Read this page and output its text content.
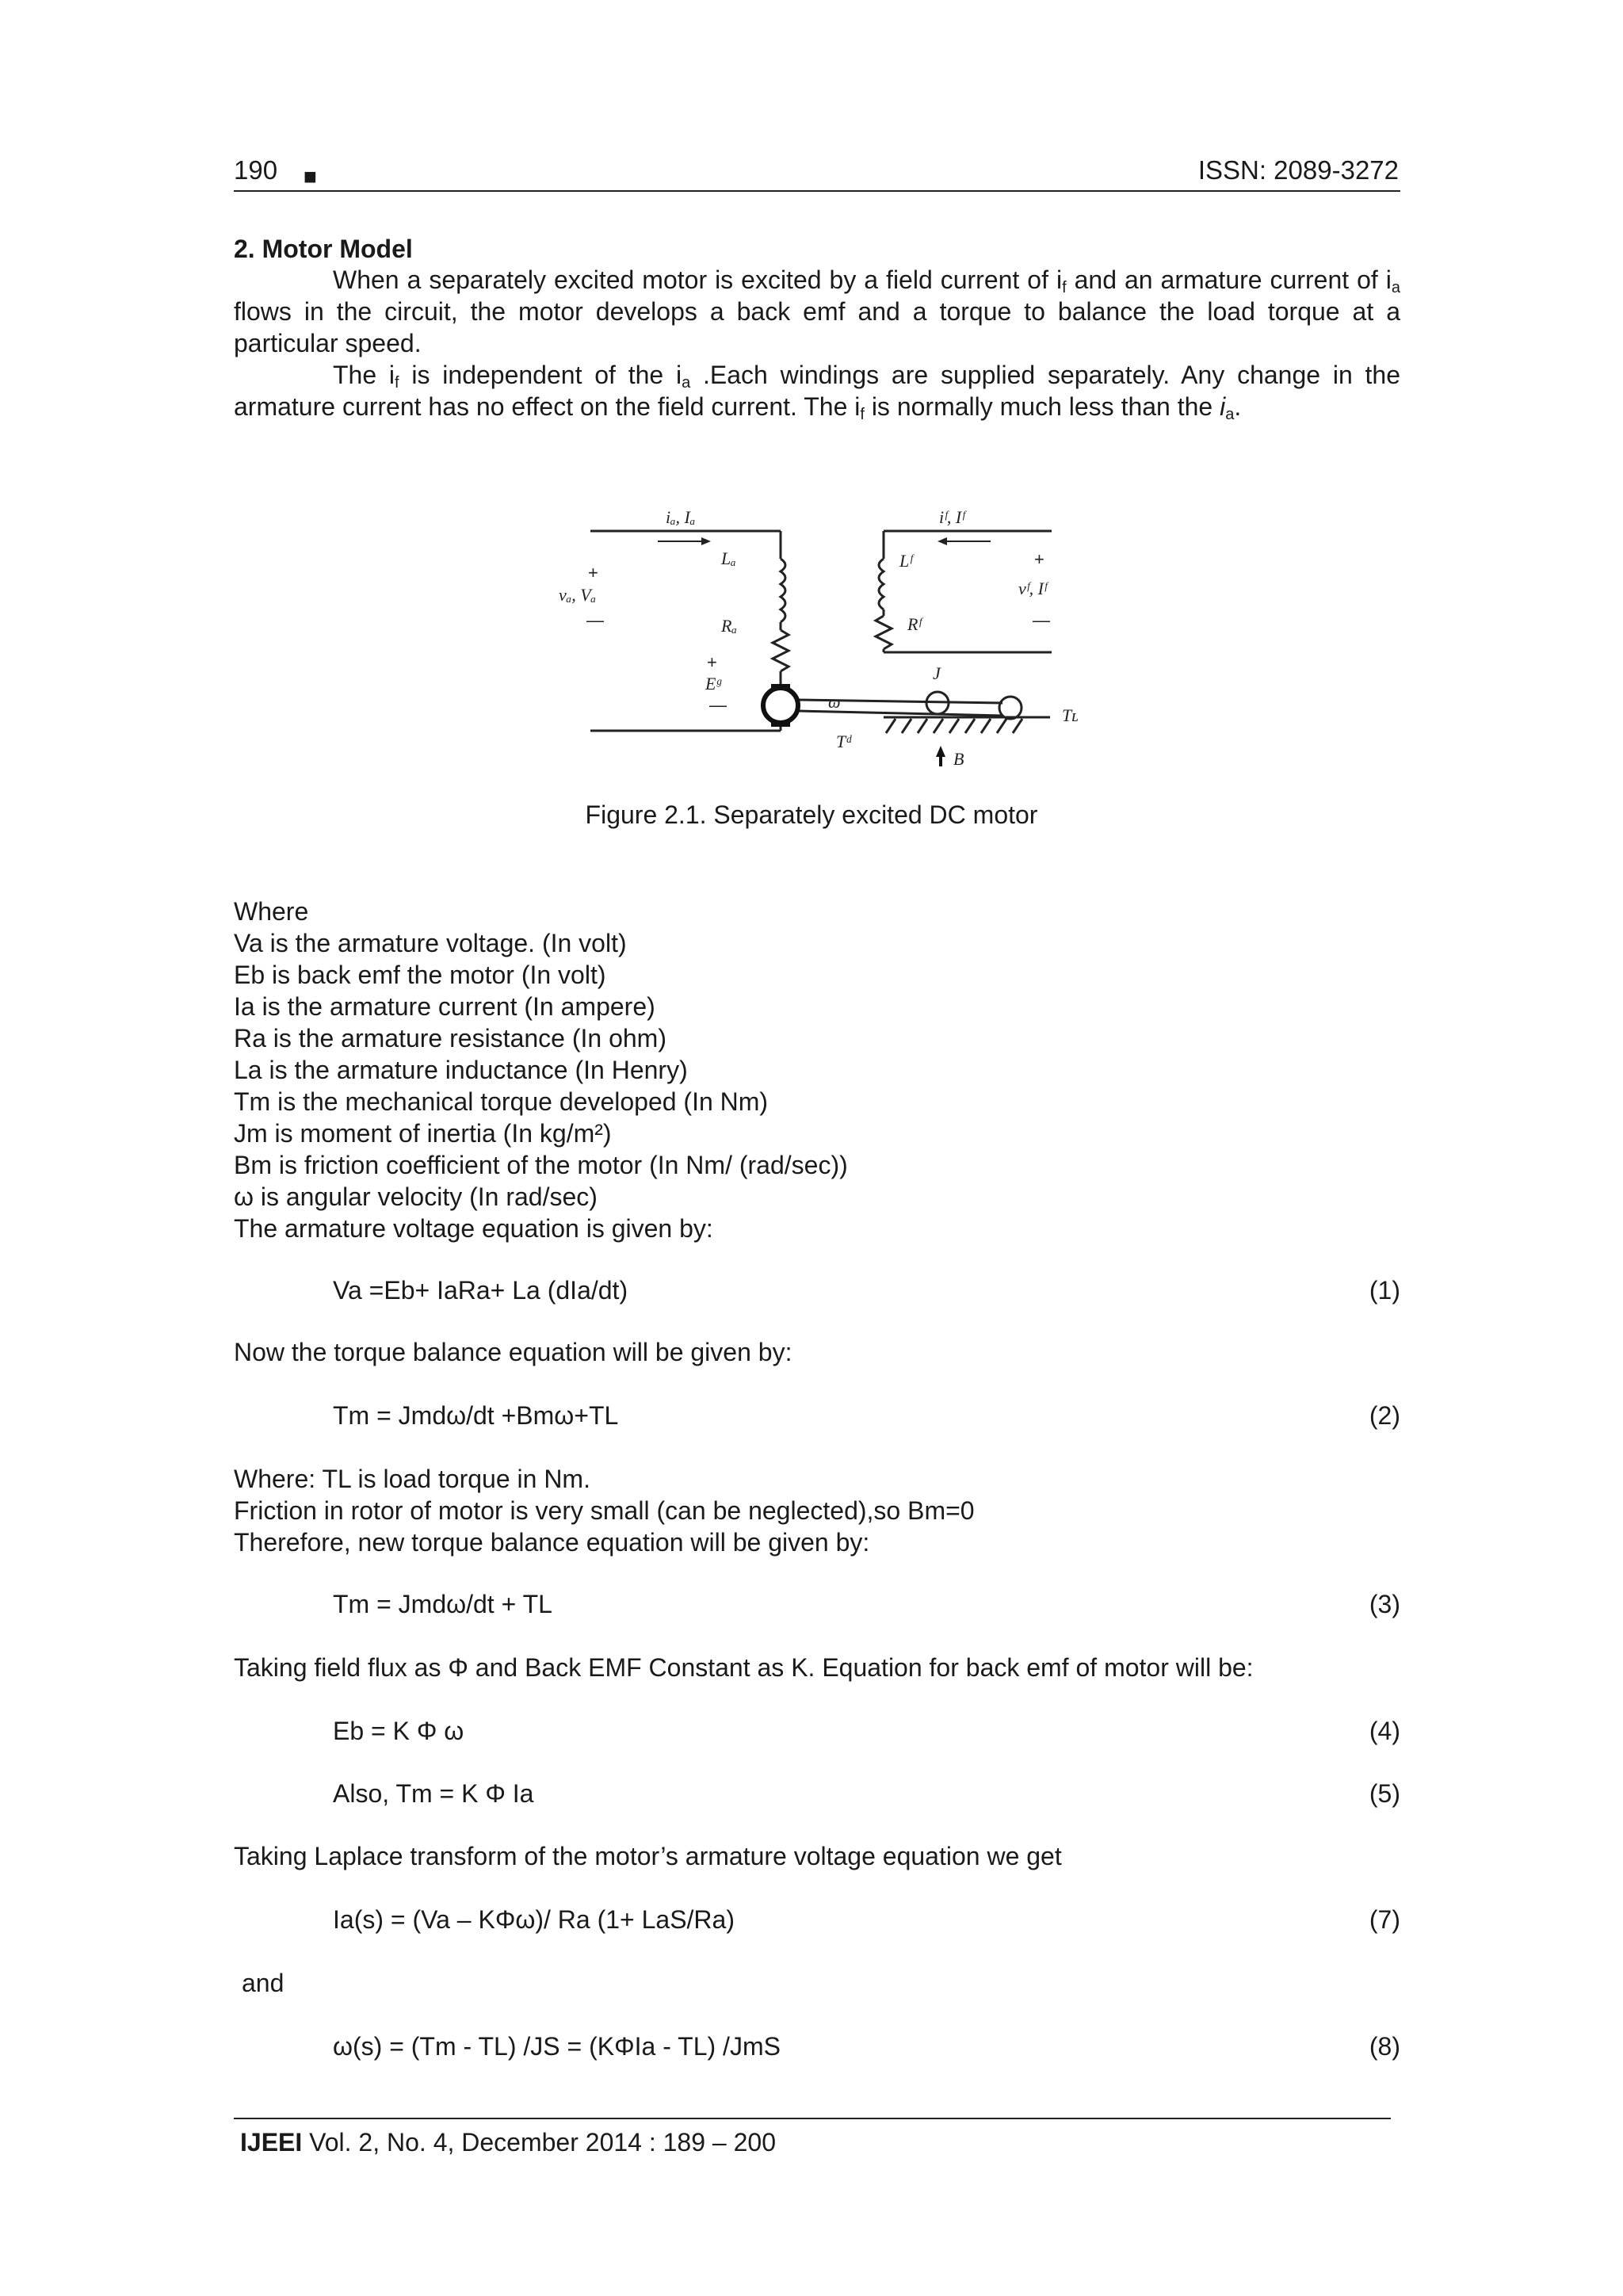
190 ■	ISSN: 2089-3272
2. Motor Model
When a separately excited motor is excited by a field current of $i_f$ and an armature current of $i_a$ flows in the circuit, the motor develops a back emf and a torque to balance the load torque at a particular speed.
The $i_f$ is independent of the $i_a$ .Each windings are supplied separately. Any change in the armature current has no effect on the field current. The $i_f$ is normally much less than the $i_a$.
iₐ, Iₐ	iᶠ, Iᶠ
Lₐ
Rₐ
Lᶠ
Rᶠ
vₐ, Vₐ	vᶠ, Iᶠ
Eᵍ
J
ω
Tʟ
Tᵈ
B
+
—
+
—
+
—
Figure 2.1. Separately excited DC motor
Where
Va is the armature voltage. (In volt)
Eb is back emf the motor (In volt)
Ia is the armature current (In ampere)
Ra is the armature resistance (In ohm)
La is the armature inductance (In Henry)
Tm is the mechanical torque developed (In Nm)
Jm is moment of inertia (In kg/m²)
Bm is friction coefficient of the motor (In Nm/ (rad/sec))
ω is angular velocity (In rad/sec)
The armature voltage equation is given by:
Va =Eb+ IaRa+ La (dIa/dt)	(1)
Now the torque balance equation will be given by:
Tm = Jmdω/dt +Bmω+TL	(2)
Where: TL is load torque in Nm.
Friction in rotor of motor is very small (can be neglected),so Bm=0
Therefore, new torque balance equation will be given by:
Tm = Jmdω/dt + TL	(3)
Taking field flux as Φ and Back EMF Constant as K. Equation for back emf of motor will be:
Eb = K Φ ω	(4)
Also, Tm = K Φ Ia	(5)
Taking Laplace transform of the motor’s armature voltage equation we get
Ia(s) = (Va – KΦω)/ Ra (1+ LaS/Ra)	(7)
and
ω(s) = (Tm - TL) /JS = (KΦIa - TL) /JmS	(8)
IJEEI Vol. 2, No. 4, December 2014 : 189 – 200
